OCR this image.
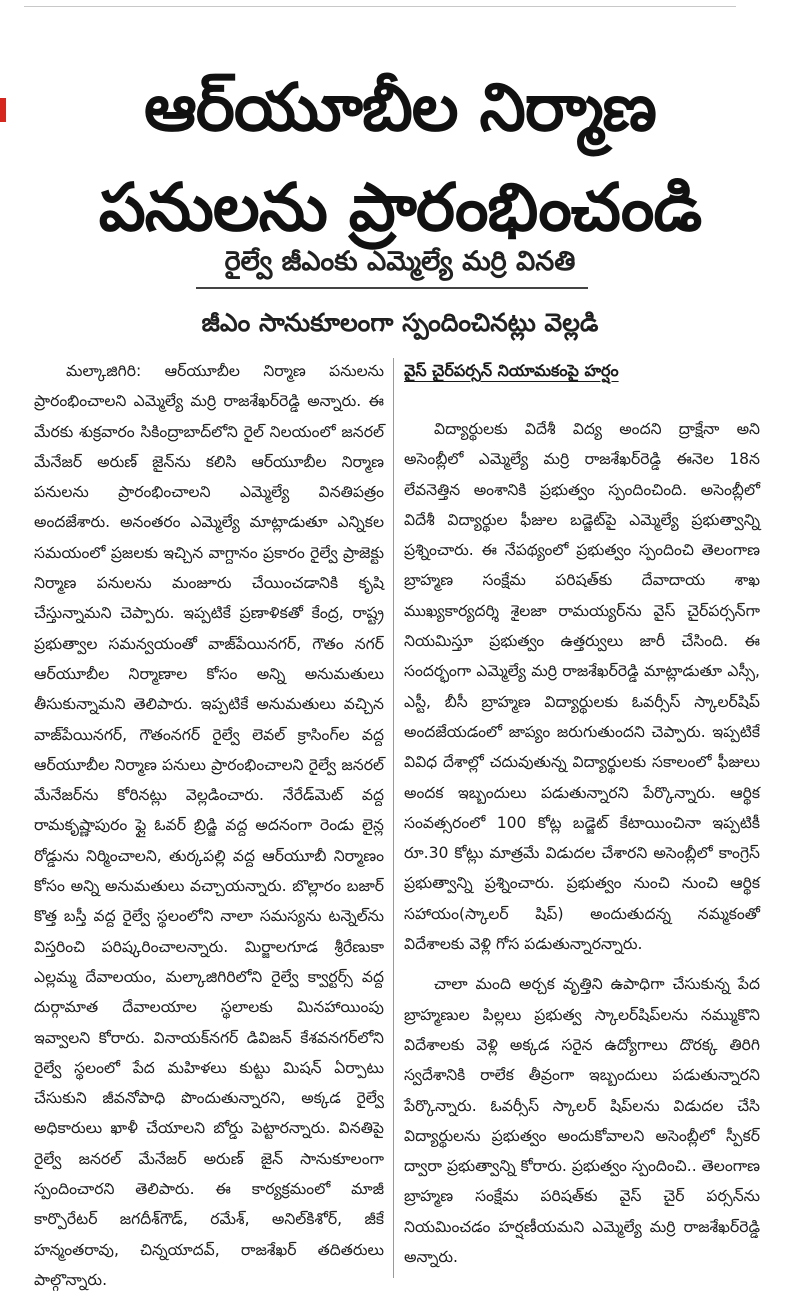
ఆర్‌యూబీల నిర్మాణ పనులను ప్రారంభించండి
రైల్వే జీఎంకు ఎమ్మెల్యే మర్రి వినతి
జీఎం సానుకూలంగా స్పందించినట్లు వెల్లడి
మల్కాజిగిరి: ఆర్‌యూబీల నిర్మాణ పనులను ప్రారంభించాలని ఎమ్మెల్యే మర్రి రాజశేఖర్‌రెడ్డి అన్నారు. ఈ మేరకు శుక్రవారం సికింద్రాబాద్‌లోని రైల్ నిలయంలో జనరల్ మేనేజర్ అరుణ్ జైన్‌ను కలిసి ఆర్‌యూబీల నిర్మాణ పనులను ప్రారంభించాలని ఎమ్మెల్యే వినతిపత్రం అందజేశారు. అనంతరం ఎమ్మెల్యే మాట్లాడుతూ ఎన్నికల సమయంలో ప్రజలకు ఇచ్చిన వాగ్దానం ప్రకారం రైల్వే ప్రాజెక్టు నిర్మాణ పనులను మంజూరు చేయించడానికి కృషి చేస్తున్నామని చెప్పారు. ఇప్పటికే ప్రణాళికతో కేంద్ర, రాష్ట్ర ప్రభుత్వాల సమన్వయంతో వాజ్‌పేయినగర్, గౌతం నగర్ ఆర్‌యూబీల నిర్మాణాల కోసం అన్ని అనుమతులు తీసుకున్నామని తెలిపారు. ఇప్పటికే అనుమతులు వచ్చిన వాజ్‌పేయినగర్, గౌతంనగర్ రైల్వే లెవల్ క్రాసింగ్‌ల వద్ద ఆర్‌యూబీల నిర్మాణ పనులు ప్రారంభించాలని రైల్వే జనరల్ మేనేజర్‌ను కోరినట్లు వెల్లడించారు. నేరేడ్‌మెట్ వద్ద రామకృష్ణాపురం ఫ్లై ఓవర్ బ్రిడ్జి వద్ద అదనంగా రెండు లైన్ల రోడ్డును నిర్మించాలని, తుర్కపల్లి వద్ద ఆర్‌యూబీ నిర్మాణం కోసం అన్ని అనుమతులు వచ్చాయన్నారు. బొల్లారం బజార్ కొత్త బస్తీ వద్ద రైల్వే స్థలంలోని నాలా సమస్యను టన్నెల్‌ను విస్తరించి పరిష్కరించాలన్నారు. మిర్జాలగూడ శ్రీరేణుకా ఎల్లమ్మ దేవాలయం, మల్కాజిగిరిలోని రైల్వే క్వార్టర్స్ వద్ద దుర్గామాత దేవాలయాల స్థలాలకు మినహాయింపు ఇవ్వాలని కోరారు. వినాయక్‌నగర్ డివిజన్ కేశవనగర్‌లోని రైల్వే స్థలంలో పేద మహిళలు కుట్టు మిషన్ ఏర్పాటు చేసుకుని జీవనోపాధి పొందుతున్నారని, అక్కడ రైల్వే అధికారులు ఖాళీ చేయాలని బోర్డు పెట్టారన్నారు. వినతిపై రైల్వే జనరల్ మేనేజర్ అరుణ్ జైన్ సానుకూలంగా స్పందించారని తెలిపారు. ఈ కార్యక్రమంలో మాజీ కార్పొరేటర్ జగదీశ్‌గౌడ్, రమేశ్, అనిల్‌కిశోర్, జీకే హన్మంతరావు, చిన్నయాదవ్, రాజశేఖర్ తదితరులు పాల్గొన్నారు.
వైస్ చైర్‌పర్సన్ నియామకంపై హర్షం

విద్యార్థులకు విదేశీ విద్య అందని ద్రాక్షేనా అని అసెంబ్లీలో ఎమ్మెల్యే మర్రి రాజశేఖర్‌రెడ్డి ఈనెల 18న లేవనెత్తిన అంశానికి ప్రభుత్వం స్పందించింది. అసెంబ్లీలో విదేశీ విద్యార్థుల ఫీజుల బడ్జెట్‌పై ఎమ్మెల్యే ప్రభుత్వాన్ని ప్రశ్నించారు. ఈ నేపథ్యంలో ప్రభుత్వం స్పందించి తెలంగాణ బ్రాహ్మణ సంక్షేమ పరిషత్‌కు దేవాదాయ శాఖ ముఖ్యకార్యదర్శి శైలజా రామయ్యర్‌ను వైస్ చైర్‌పర్సన్‌గా నియమిస్తూ ప్రభుత్వం ఉత్తర్వులు జారీ చేసింది. ఈ సందర్భంగా ఎమ్మెల్యే మర్రి రాజశేఖర్‌రెడ్డి మాట్లాడుతూ ఎస్సీ, ఎస్టీ, బీసీ బ్రాహ్మణ విద్యార్థులకు ఓవర్సీస్ స్కాలర్‌షిప్ అందజేయడంలో జాప్యం జరుగుతుందని చెప్పారు. ఇప్పటికే వివిధ దేశాల్లో చదువుతున్న విద్యార్థులకు సకాలంలో ఫీజులు అందక ఇబ్బందులు పడుతున్నారని పేర్కొన్నారు. ఆర్థిక సంవత్సరంలో 100 కోట్ల బడ్జెట్ కేటాయించినా ఇప్పటికీ రూ.30 కోట్లు మాత్రమే విడుదల చేశారని అసెంబ్లీలో కాంగ్రెస్ ప్రభుత్వాన్ని ప్రశ్నించారు. ప్రభుత్వం నుంచి నుంచి ఆర్థిక సహాయం(స్కాలర్ షిప్) అందుతుదన్న నమ్మకంతో విదేశాలకు వెళ్లి గోస పడుతున్నారన్నారు.

చాలా మంది అర్చక వృత్తిని ఉపాధిగా చేసుకున్న పేద బ్రాహ్మణుల పిల్లలు ప్రభుత్వ స్కాలర్‌షిప్‌లను నమ్ముకొని విదేశాలకు వెళ్లి అక్కడ సరైన ఉద్యోగాలు దొరక్క తిరిగి స్వదేశానికి రాలేక తీవ్రంగా ఇబ్బందులు పడుతున్నారని పేర్కొన్నారు. ఓవర్సీస్ స్కాలర్ షిప్‌లను విడుదల చేసి విద్యార్థులను ప్రభుత్వం అందుకోవాలని అసెంబ్లీలో స్పీకర్ ద్వారా ప్రభుత్వాన్ని కోరారు. ప్రభుత్వం స్పందించి.. తెలంగాణ బ్రాహ్మణ సంక్షేమ పరిషత్‌కు వైస్ చైర్ పర్సన్‌ను నియమించడం హర్షణీయమని ఎమ్మెల్యే మర్రి రాజశేఖర్‌రెడ్డి అన్నారు.
